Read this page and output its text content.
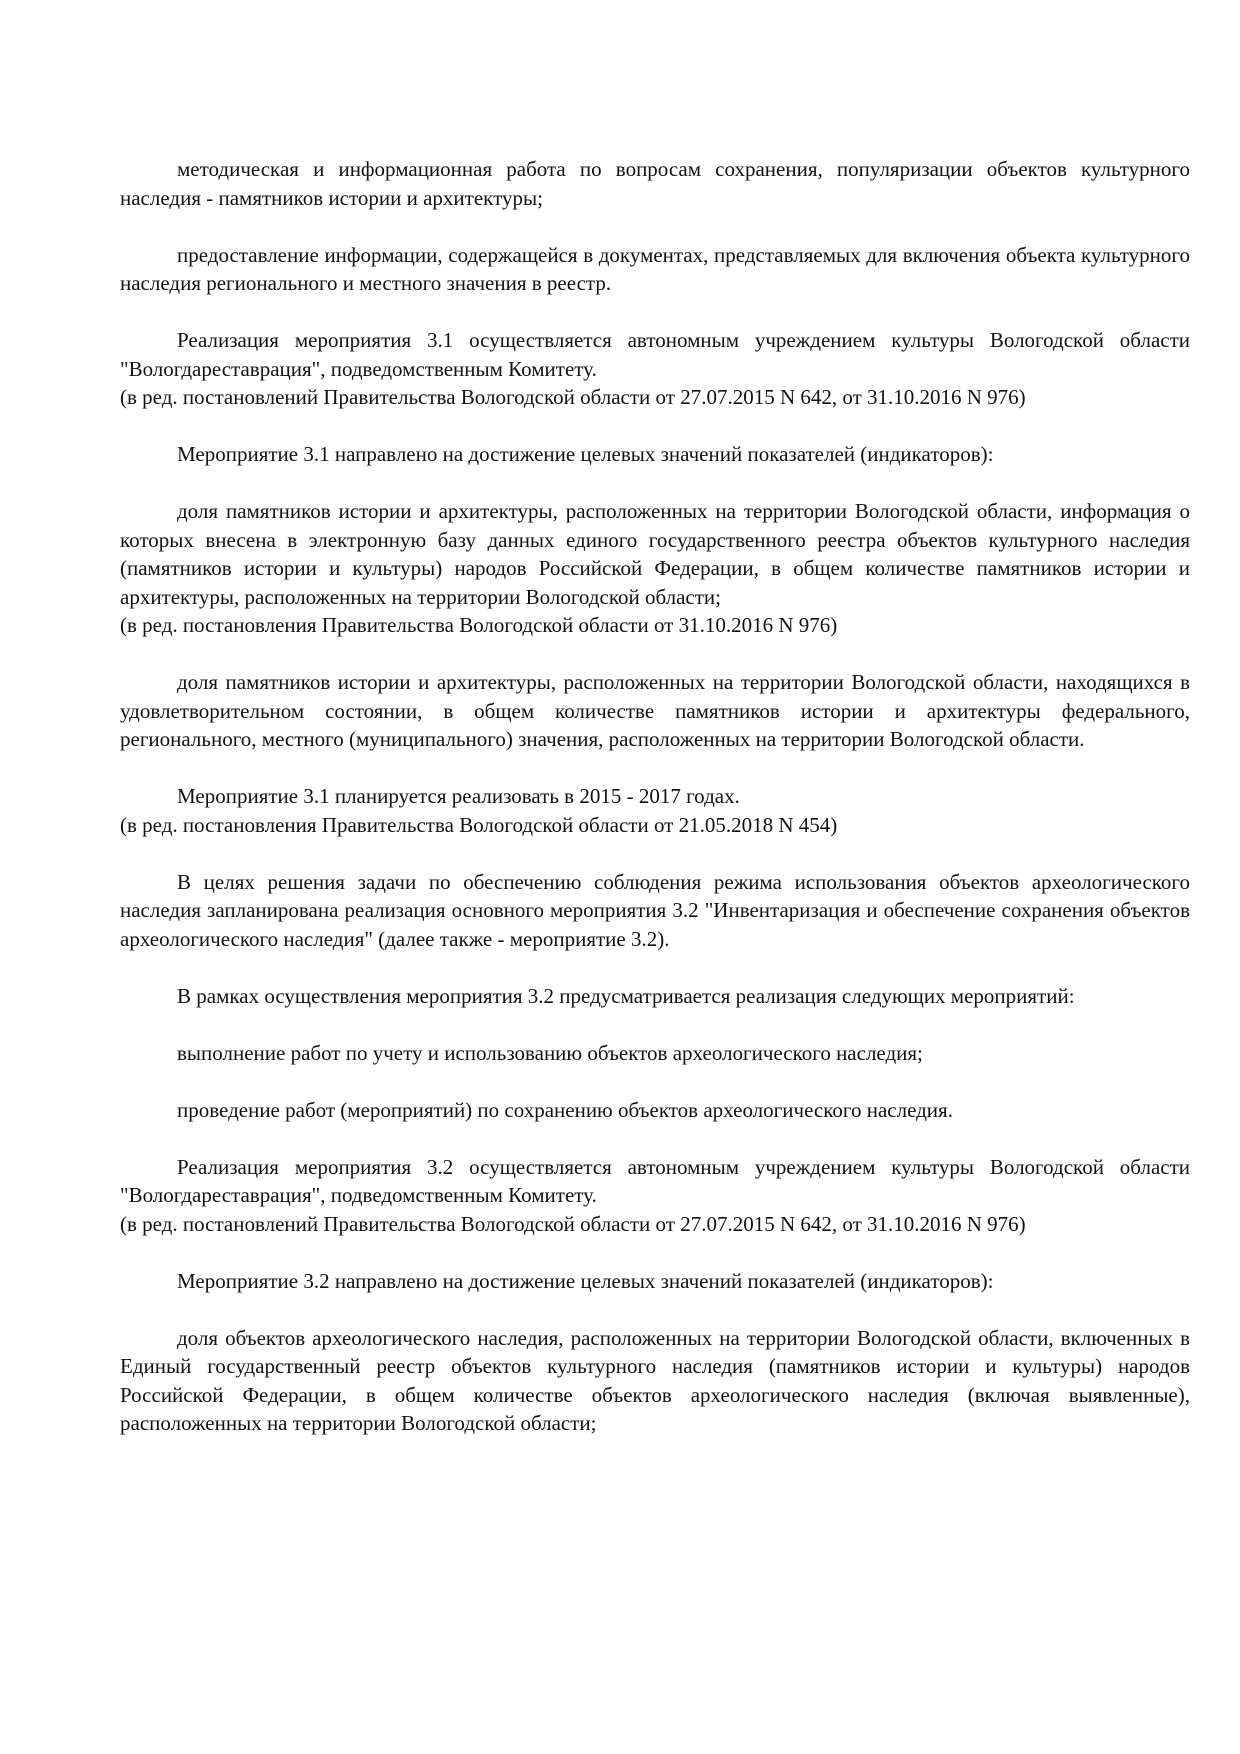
методическая и информационная работа по вопросам сохранения, популяризации объектов культурного наследия - памятников истории и архитектуры;
предоставление информации, содержащейся в документах, представляемых для включения объекта культурного наследия регионального и местного значения в реестр.
Реализация мероприятия 3.1 осуществляется автономным учреждением культуры Вологодской области "Вологдареставрация", подведомственным Комитету.
(в ред. постановлений Правительства Вологодской области от 27.07.2015 N 642, от 31.10.2016 N 976)
Мероприятие 3.1 направлено на достижение целевых значений показателей (индикаторов):
доля памятников истории и архитектуры, расположенных на территории Вологодской области, информация о которых внесена в электронную базу данных единого государственного реестра объектов культурного наследия (памятников истории и культуры) народов Российской Федерации, в общем количестве памятников истории и архитектуры, расположенных на территории Вологодской области;
(в ред. постановления Правительства Вологодской области от 31.10.2016 N 976)
доля памятников истории и архитектуры, расположенных на территории Вологодской области, находящихся в удовлетворительном состоянии, в общем количестве памятников истории и архитектуры федерального, регионального, местного (муниципального) значения, расположенных на территории Вологодской области.
Мероприятие 3.1 планируется реализовать в 2015 - 2017 годах.
(в ред. постановления Правительства Вологодской области от 21.05.2018 N 454)
В целях решения задачи по обеспечению соблюдения режима использования объектов археологического наследия запланирована реализация основного мероприятия 3.2 "Инвентаризация и обеспечение сохранения объектов археологического наследия" (далее также - мероприятие 3.2).
В рамках осуществления мероприятия 3.2 предусматривается реализация следующих мероприятий:
выполнение работ по учету и использованию объектов археологического наследия;
проведение работ (мероприятий) по сохранению объектов археологического наследия.
Реализация мероприятия 3.2 осуществляется автономным учреждением культуры Вологодской области "Вологдареставрация", подведомственным Комитету.
(в ред. постановлений Правительства Вологодской области от 27.07.2015 N 642, от 31.10.2016 N 976)
Мероприятие 3.2 направлено на достижение целевых значений показателей (индикаторов):
доля объектов археологического наследия, расположенных на территории Вологодской области, включенных в Единый государственный реестр объектов культурного наследия (памятников истории и культуры) народов Российской Федерации, в общем количестве объектов археологического наследия (включая выявленные), расположенных на территории Вологодской области;
